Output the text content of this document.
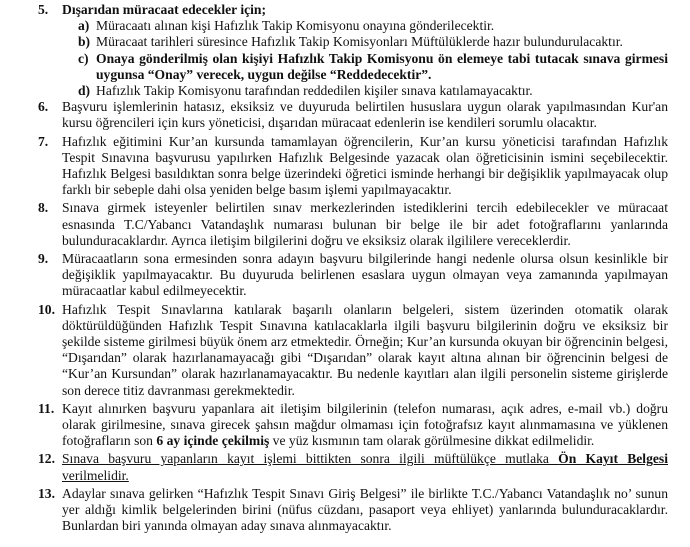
5. Dışarıdan müracaat edecekler için;

a) Müracaatı alınan kişi Hafızlık Takip Komisyonu onayına gönderilecektir.

b) Müracaat tarihleri süresince Hafızlık Takip Komisyonları Müftülüklerde hazır bulundurulacaktır.

c) Onaya gönderilmiş olan kişiyi Hafızlık Takip Komisyonu ön elemeye tabi tutacak sınava girmesi uygunsa “Onay” verecek, uygun değilse “Reddedecektir”.

d) Hafızlık Takip Komisyonu tarafından reddedilen kişiler sınava katılamayacaktır.

6. Başvuru işlemlerinin hatasız, eksiksiz ve duyuruda belirtilen hususlara uygun olarak yapılmasından Kur'an kursu öğrencileri için kurs yöneticisi, dışarıdan müracaat edenlerin ise kendileri sorumlu olacaktır.

7. Hafızlık eğitimini Kur’an kursunda tamamlayan öğrencilerin, Kur’an kursu yöneticisi tarafından Hafızlık Tespit Sınavına başvurusu yapılırken Hafızlık Belgesinde yazacak olan öğreticisinin ismini seçebilecektir. Hafızlık Belgesi basıldıktan sonra belge üzerindeki öğretici isminde herhangi bir değişiklik yapılmayacak olup farklı bir sebeple dahi olsa yeniden belge basım işlemi yapılmayacaktır.

8. Sınava girmek isteyenler belirtilen sınav merkezlerinden istediklerini tercih edebilecekler ve müracaat esnasında T.C/Yabancı Vatandaşlık numarası bulunan bir belge ile bir adet fotoğraflarını yanlarında bulunduracaklardır. Ayrıca iletişim bilgilerini doğru ve eksiksiz olarak ilgililere vereceklerdir.

9. Müracaatların sona ermesinden sonra adayın başvuru bilgilerinde hangi nedenle olursa olsun kesinlikle bir değişiklik yapılmayacaktır. Bu duyuruda belirlenen esaslara uygun olmayan veya zamanında yapılmayan müracaatlar kabul edilmeyecektir.

10. Hafızlık Tespit Sınavlarına katılarak başarılı olanların belgeleri, sistem üzerinden otomatik olarak döktürüldüğünden Hafızlık Tespit Sınavına katılacaklarla ilgili başvuru bilgilerinin doğru ve eksiksiz bir şekilde sisteme girilmesi büyük önem arz etmektedir. Örneğin; Kur’an kursunda okuyan bir öğrencinin belgesi, “Dışarıdan” olarak hazırlanamayacağı gibi “Dışarıdan” olarak kayıt altına alınan bir öğrencinin belgesi de “Kur’an Kursundan” olarak hazırlanamayacaktır. Bu nedenle kayıtları alan ilgili personelin sisteme girişlerde son derece titiz davranması gerekmektedir.

11. Kayıt alınırken başvuru yapanlara ait iletişim bilgilerinin (telefon numarası, açık adres, e-mail vb.) doğru olarak girilmesine, sınava girecek şahsın mağdur olmaması için fotoğrafsız kayıt alınmamasına ve yüklenen fotoğrafların son 6 ay içinde çekilmiş ve yüz kısmının tam olarak görülmesine dikkat edilmelidir.

12. Sınava başvuru yapanların kayıt işlemi bittikten sonra ilgili müftülükçe mutlaka Ön Kayıt Belgesi verilmelidir.

13. Adaylar sınava gelirken “Hafızlık Tespit Sınavı Giriş Belgesi” ile birlikte T.C./Yabancı Vatandaşlık no’ sunun yer aldığı kimlik belgelerinden birini (nüfus cüzdanı, pasaport veya ehliyet) yanlarında bulunduracaklardır. Bunlardan biri yanında olmayan aday sınava alınmayacaktır.
